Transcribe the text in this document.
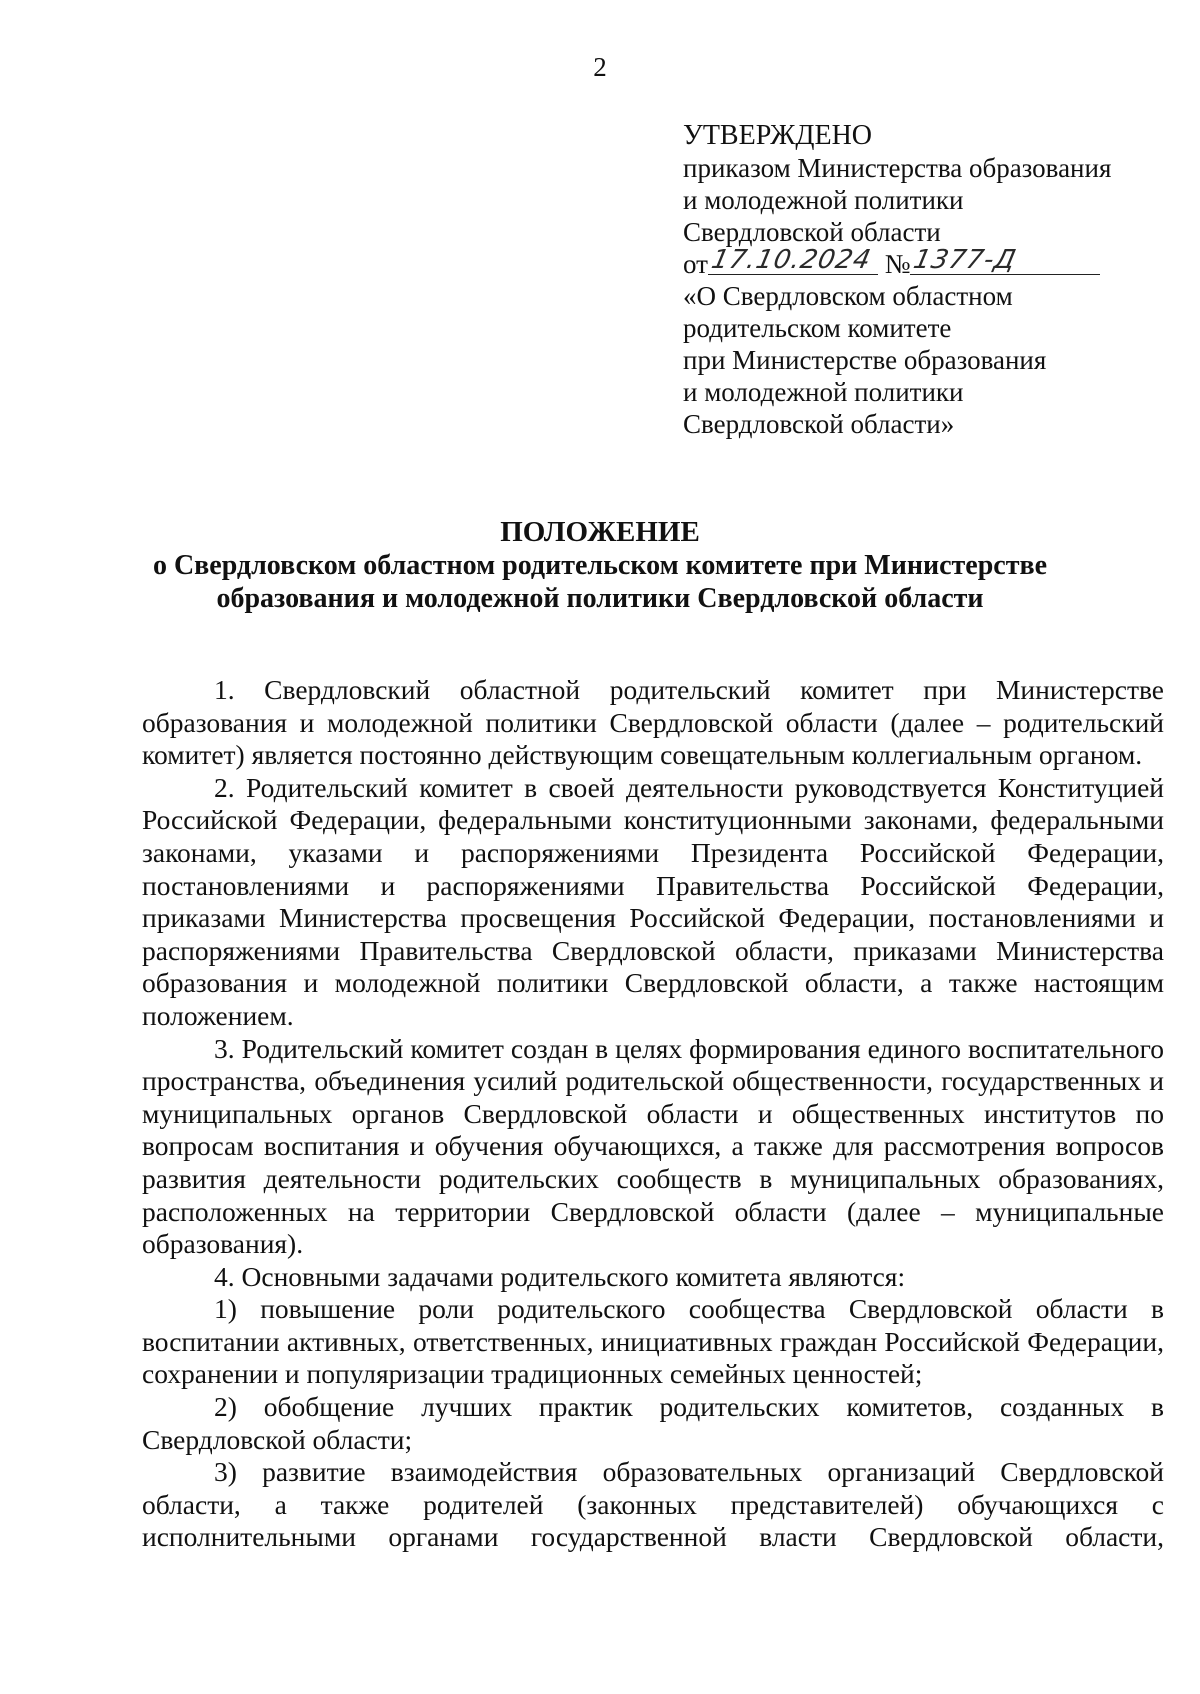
2
УТВЕРЖДЕНО
приказом Министерства образования
и молодежной политики
Свердловской области
от 17.10.2024 № 1377-Д
«О Свердловском областном
родительском комитете
при Министерстве образования
и молодежной политики
Свердловской области»
ПОЛОЖЕНИЕ
о Свердловском областном родительском комитете при Министерстве
образования и молодежной политики Свердловской области

1. Свердловский областной родительский комитет при Министерстве образования и молодежной политики Свердловской области (далее – родительский комитет) является постоянно действующим совещательным коллегиальным органом.

2. Родительский комитет в своей деятельности руководствуется Конституцией Российской Федерации, федеральными конституционными законами, федеральными законами, указами и распоряжениями Президента Российской Федерации, постановлениями и распоряжениями Правительства Российской Федерации, приказами Министерства просвещения Российской Федерации, постановлениями и распоряжениями Правительства Свердловской области, приказами Министерства образования и молодежной политики Свердловской области, а также настоящим положением.

3. Родительский комитет создан в целях формирования единого воспитательного пространства, объединения усилий родительской общественности, государственных и муниципальных органов Свердловской области и общественных институтов по вопросам воспитания и обучения обучающихся, а также для рассмотрения вопросов развития деятельности родительских сообществ в муниципальных образованиях, расположенных на территории Свердловской области (далее – муниципальные образования).

4. Основными задачами родительского комитета являются:

1) повышение роли родительского сообщества Свердловской области в воспитании активных, ответственных, инициативных граждан Российской Федерации, сохранении и популяризации традиционных семейных ценностей;

2) обобщение лучших практик родительских комитетов, созданных в Свердловской области;

3) развитие взаимодействия образовательных организаций Свердловской области, а также родителей (законных представителей) обучающихся с исполнительными органами государственной власти Свердловской области,
